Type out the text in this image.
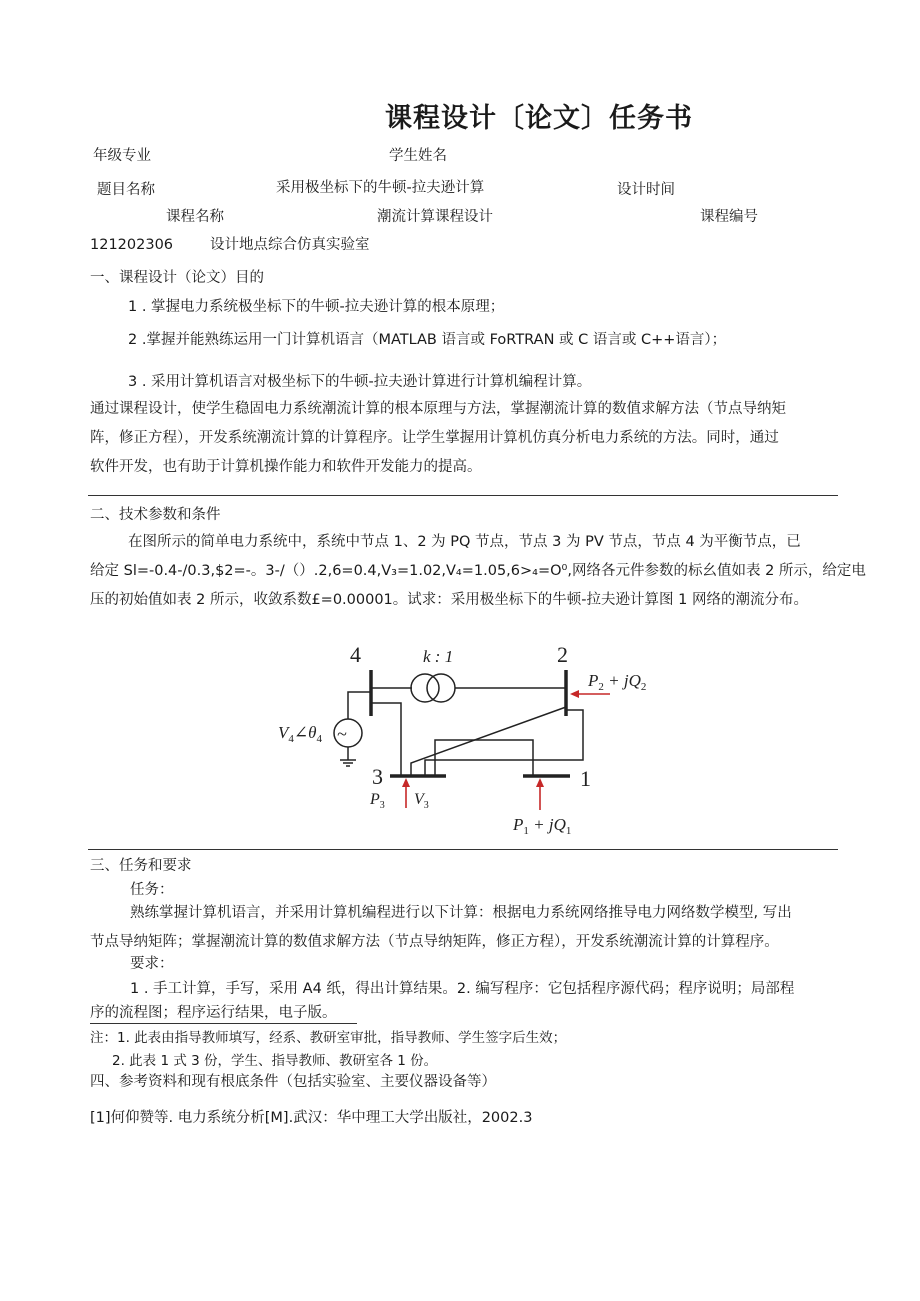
课程设计〔论文〕任务书
年级专业	学生姓名
题目名称	采用极坐标下的牛顿-拉夫逊计算	设计时间
课程名称	潮流计算课程设计	课程编号
121202306	设计地点综合仿真实验室
一、课程设计（论文）目的
1 . 掌握电力系统极坐标下的牛顿-拉夫逊计算的根本原理；
2 .掌握并能熟练运用一门计算机语言（MATLAB 语言或 FoRTRAN 或 C 语言或 C++语言）；
3 . 采用计算机语言对极坐标下的牛顿-拉夫逊计算进行计算机编程计算。
通过课程设计，使学生稳固电力系统潮流计算的根本原理与方法，掌握潮流计算的数值求解方法（节点导纳矩
阵，修正方程），开发系统潮流计算的计算程序。让学生掌握用计算机仿真分析电力系统的方法。同时，通过
软件开发，也有助于计算机操作能力和软件开发能力的提高。
二、技术参数和条件
在图所示的简单电力系统中，系统中节点 1、2 为 PQ 节点，节点 3 为 PV 节点，节点 4 为平衡节点，已
给定 Sl=-0.4-/0.3,$2=-。3-/（）.2,6=0.4,V₃=1.02,V₄=1.05,6>₄=O⁰,网络各元件参数的标幺值如表 2 所示，给定电
压的初始值如表 2 所示，收敛系数£=0.00001。试求：采用极坐标下的牛顿-拉夫逊计算图 1 网络的潮流分布。
4	2
3	1
k : 1
~
$P_2 + jQ_2$
$P_1 + jQ_1$
$V_4\angle\theta_4$
$P_3$ $V_3$
三、任务和要求
任务：
熟练掌握计算机语言，并采用计算机编程进行以下计算：根据电力系统网络推导电力网络数学模型, 写出
节点导纳矩阵；掌握潮流计算的数值求解方法（节点导纳矩阵，修正方程），开发系统潮流计算的计算程序。
要求：
1 . 手工计算，手写，采用 A4 纸，得出计算结果。2. 编写程序：它包括程序源代码；程序说明；局部程
序的流程图；程序运行结果，电子版。
注：1. 此表由指导教师填写，经系、教研室审批，指导教师、学生签字后生效；
2. 此表 1 式 3 份，学生、指导教师、教研室各 1 份。
四、参考资料和现有根底条件（包括实验室、主要仪器设备等）
[1]何仰赞等. 电力系统分析[M].武汉：华中理工大学出版社，2002.3
